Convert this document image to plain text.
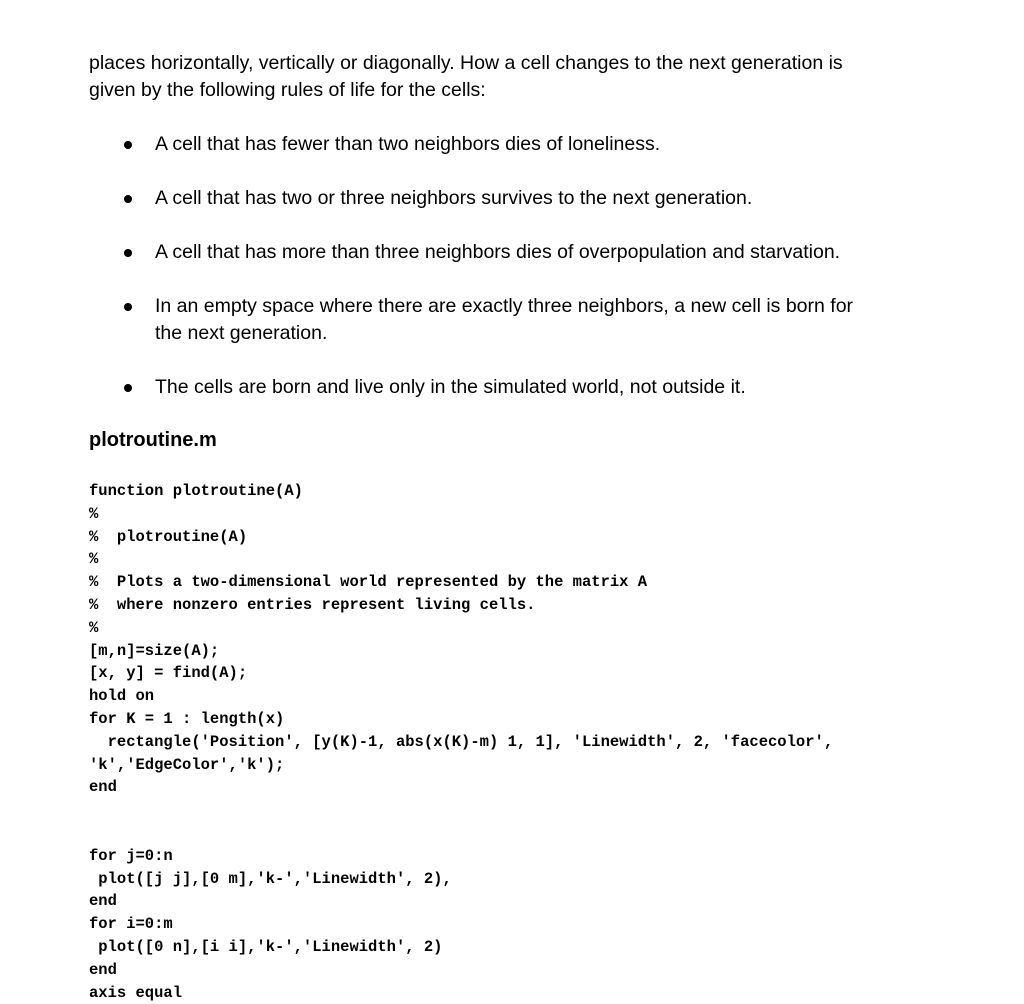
places horizontally, vertically or diagonally. How a cell changes to the next generation is
given by the following rules of life for the cells:

A cell that has fewer than two neighbors dies of loneliness.
A cell that has two or three neighbors survives to the next generation.
A cell that has more than three neighbors dies of overpopulation and starvation.
In an empty space where there are exactly three neighbors, a new cell is born for
the next generation.
The cells are born and live only in the simulated world, not outside it.
plotroutine.m
function plotroutine(A)
%
%  plotroutine(A)
%
%  Plots a two-dimensional world represented by the matrix A
%  where nonzero entries represent living cells.
%
[m,n]=size(A);
[x, y] = find(A);
hold on
for K = 1 : length(x)
rectangle('Position', [y(K)-1, abs(x(K)-m) 1, 1], 'Linewidth', 2, 'facecolor',
'k','EdgeColor','k');
end
for j=0:n
plot([j j],[0 m],'k-','Linewidth', 2),
end
for i=0:m
plot([0 n],[i i],'k-','Linewidth', 2)
end
axis equal
